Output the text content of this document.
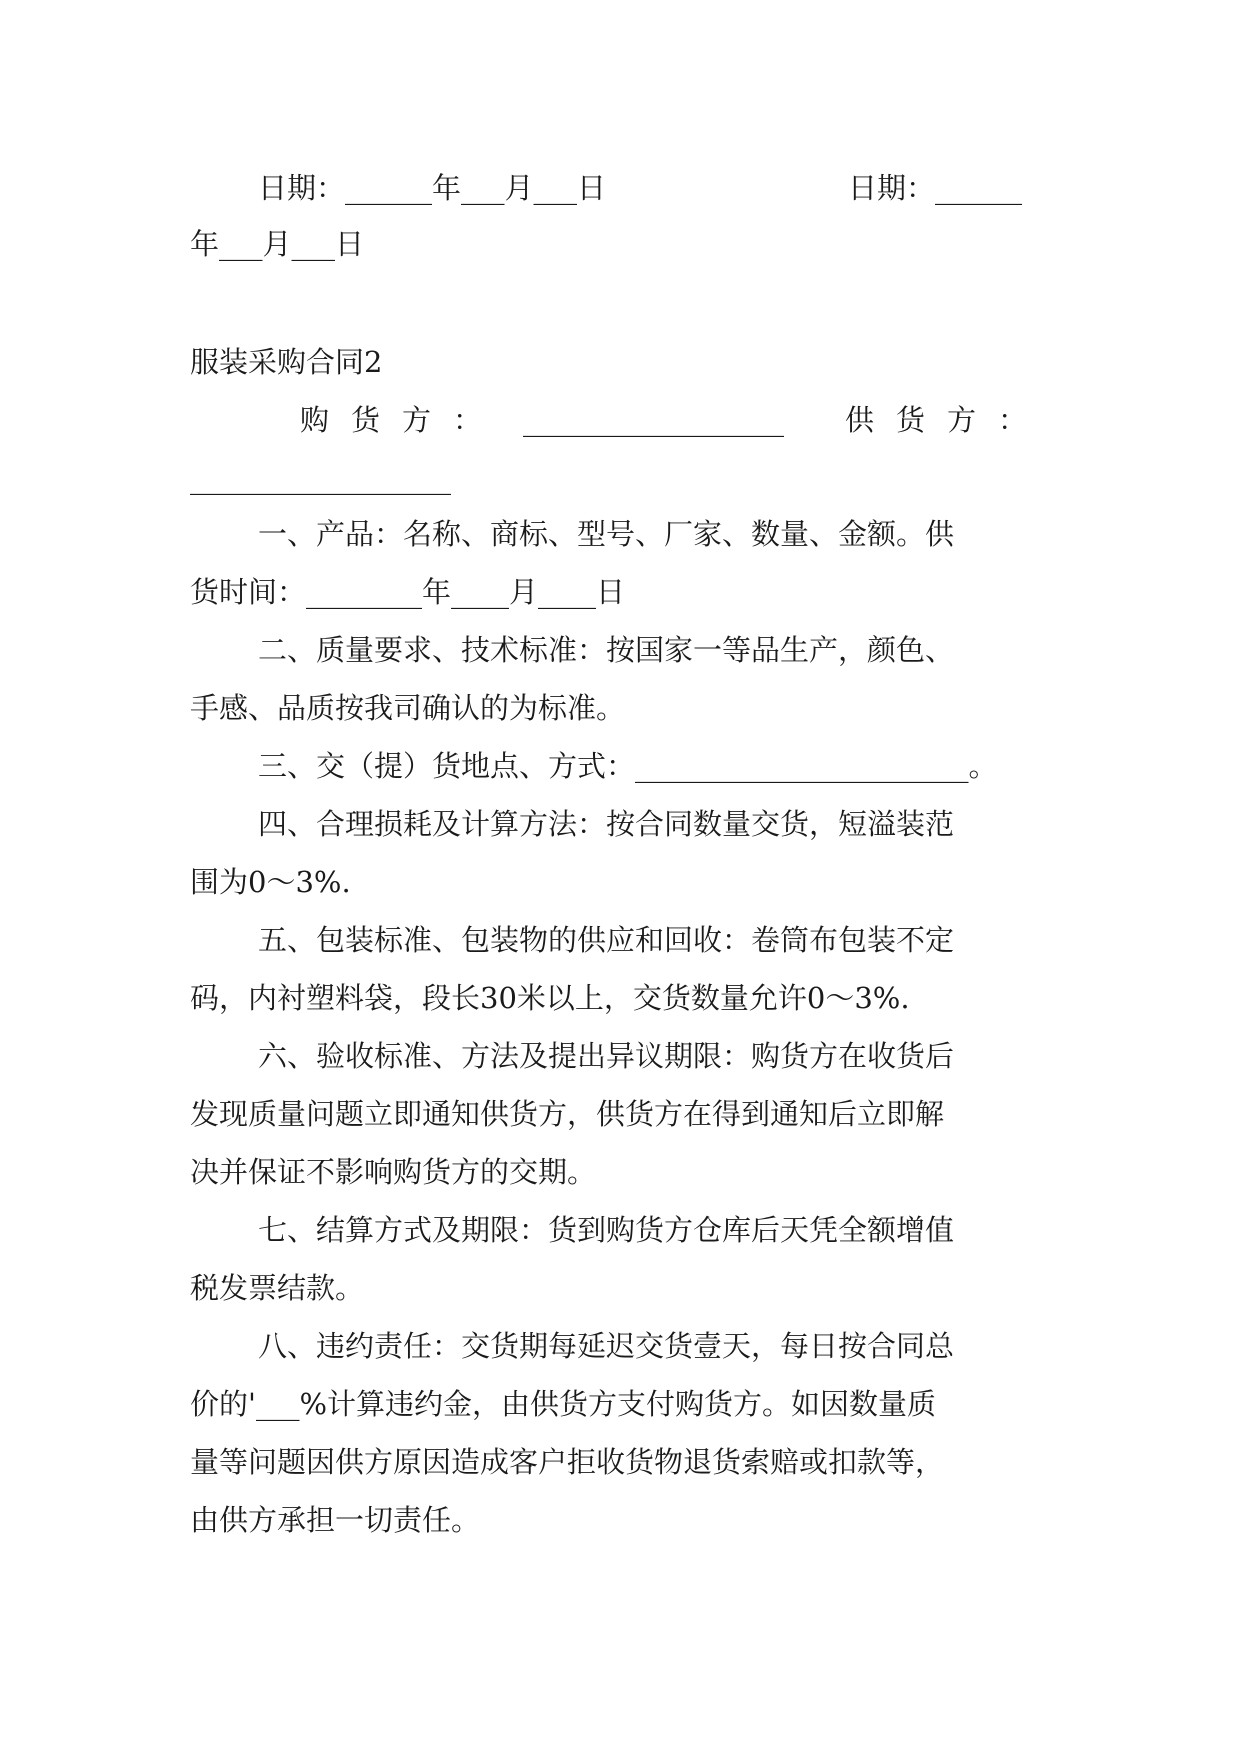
日期：______年___月___日	日期：______
年___月___日
服装采购合同2
购货方： __________________ 供货方：
__________________
一、产品：名称、商标、型号、厂家、数量、金额。供
货时间：________年____月____日
二、质量要求、技术标准：按国家一等品生产，颜色、
手感、品质按我司确认的为标准。
三、交（提）货地点、方式：_______________________。
四、合理损耗及计算方法：按合同数量交货，短溢装范
围为0～3%.
五、包装标准、包装物的供应和回收：卷筒布包装不定
码，内衬塑料袋，段长30米以上，交货数量允许0～3%.
六、验收标准、方法及提出异议期限：购货方在收货后
发现质量问题立即通知供货方，供货方在得到通知后立即解
决并保证不影响购货方的交期。
七、结算方式及期限：货到购货方仓库后天凭全额增值
税发票结款。
八、违约责任：交货期每延迟交货壹天，每日按合同总
价的'___%计算违约金，由供货方支付购货方。如因数量质
量等问题因供方原因造成客户拒收货物退货索赔或扣款等，
由供方承担一切责任。
